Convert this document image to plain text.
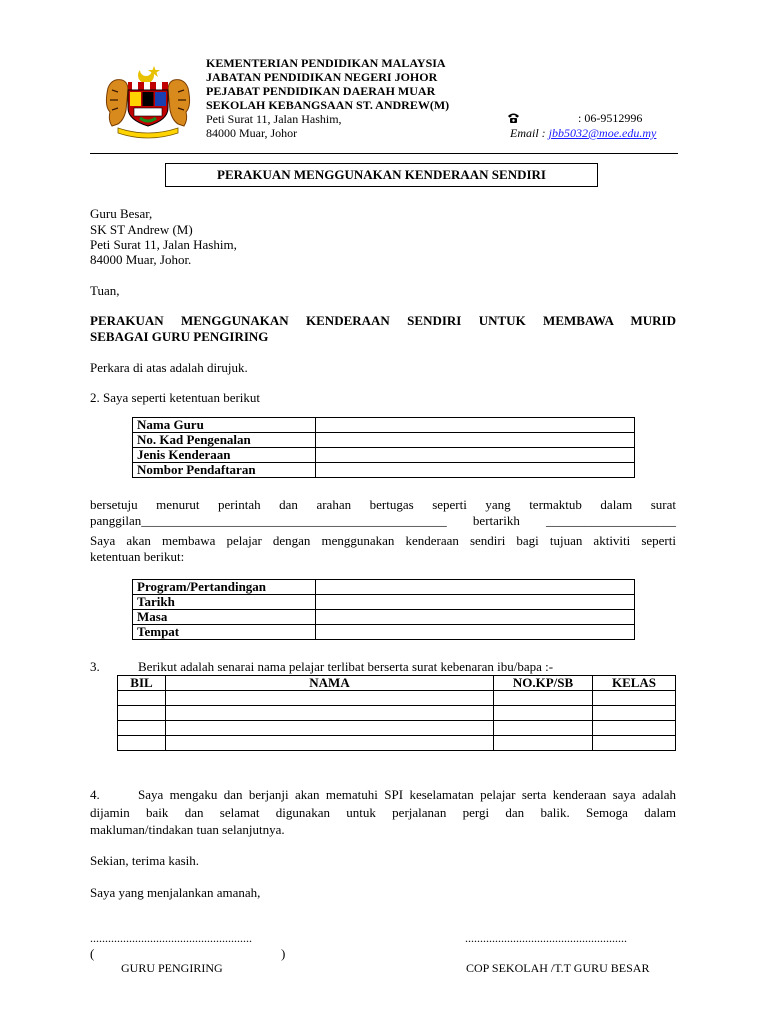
KEMENTERIAN PENDIDIKAN MALAYSIA
JABATAN PENDIDIKAN NEGERI JOHOR
PEJABAT PENDIDIKAN DAERAH MUAR
SEKOLAH KEBANGSAAN ST. ANDREW(M)
Peti Surat 11, Jalan Hashim,
84000 Muar, Johor
: 06-9512996
Email : jbb5032@moe.edu.my
PERAKUAN MENGGUNAKAN KENDERAAN SENDIRI
Guru Besar,
SK ST Andrew (M)
Peti Surat 11, Jalan Hashim,
84000 Muar, Johor.
Tuan,
PERAKUAN MENGGUNAKAN KENDERAAN SENDIRI UNTUK MEMBAWA MURID
SEBAGAI GURU PENGIRING
Perkara di atas adalah dirujuk.
2. Saya seperti ketentuan berikut
Nama Guru	
No. Kad Pengenalan	
Jenis Kenderaan	
Nombor Pendaftaran	
bersetuju menurut perintah dan arahan bertugas seperti yang termaktub dalam surat
panggilan_______________________________________________ bertarikh ____________________
Saya akan membawa pelajar dengan menggunakan kenderaan sendiri bagi tujuan aktiviti seperti
ketentuan berikut:
Program/Pertandingan	
Tarikh	
Masa	
Tempat	
3.	Berikut adalah senarai nama pelajar terlibat berserta surat kebenaran ibu/bapa :-
BIL	NAMA	NO.KP/SB	KELAS

4.	Saya mengaku dan berjanji akan mematuhi SPI keselamatan pelajar serta kenderaan saya adalah
dijamin baik dan selamat digunakan untuk perjalanan pergi dan balik. Semoga dalam
makluman/tindakan tuan selanjutnya.
Sekian, terima kasih.
Saya yang menjalankan amanah,
......................................................
(	)
GURU PENGIRING
......................................................
COP SEKOLAH /T.T GURU BESAR
